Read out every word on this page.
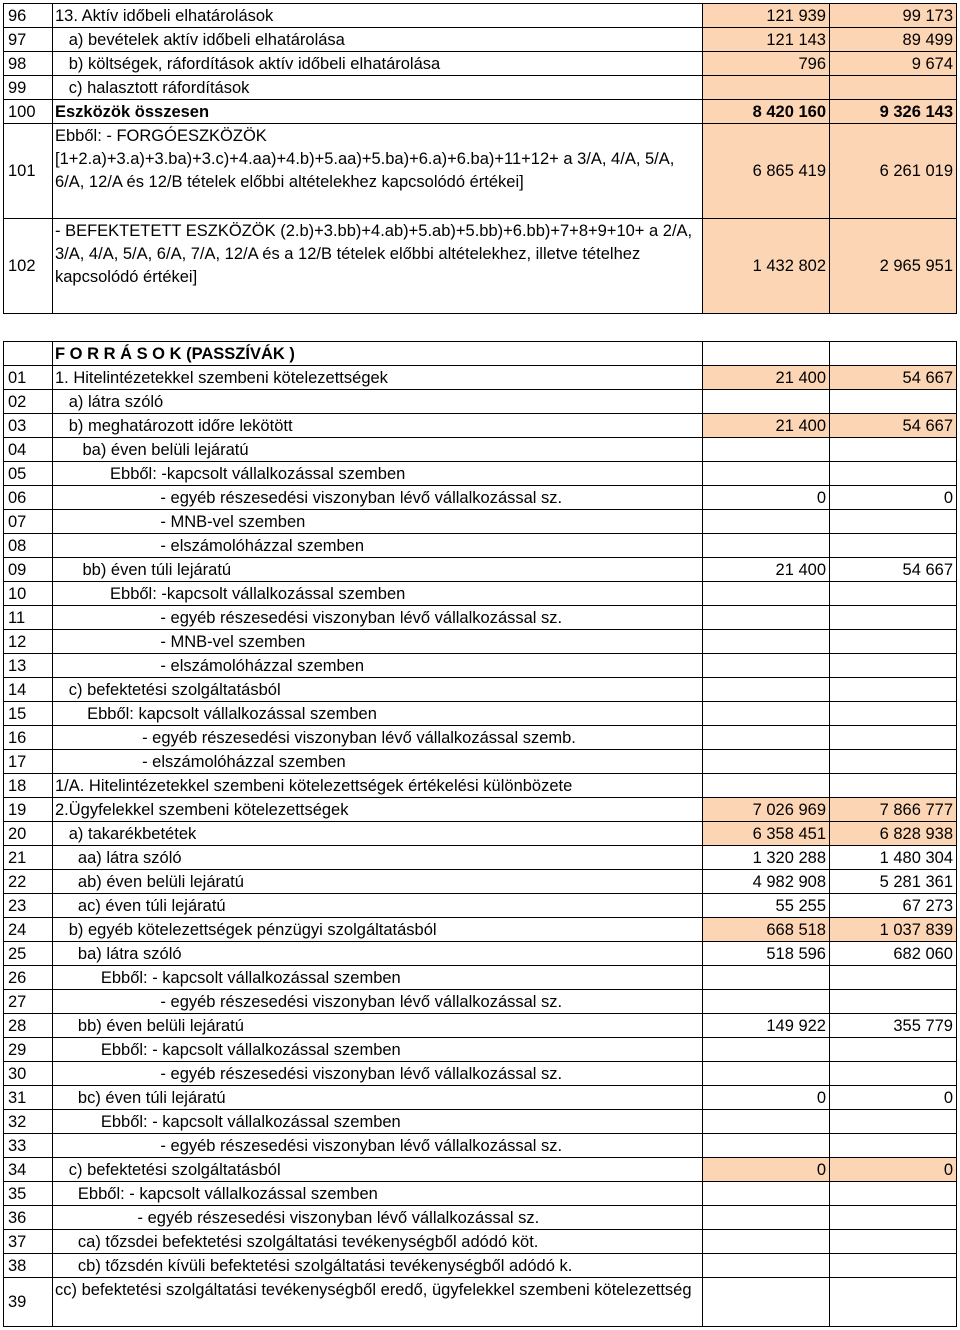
96	13. Aktív időbeli elhatárolások	121 939	99 173
97	a) bevételek aktív időbeli elhatárolása	121 143	89 499
98	b) költségek, ráfordítások aktív időbeli elhatárolása	796	9 674
99	c) halasztott ráfordítások		
100	Eszközök összesen	8 420 160	9 326 143
101	Ebből: - FORGÓESZKÖZÖK [1+2.a)+3.a)+3.ba)+3.c)+4.aa)+4.b)+5.aa)+5.ba)+6.a)+6.ba)+11+12+ a 3/A, 4/A, 5/A, 6/A, 12/A és 12/B tételek előbbi altételekhez kapcsolódó értékei]	6 865 419	6 261 019
102	- BEFEKTETETT ESZKÖZÖK (2.b)+3.bb)+4.ab)+5.ab)+5.bb)+6.bb)+7+8+9+10+ a 2/A, 3/A, 4/A, 5/A, 6/A, 7/A, 12/A és a 12/B tételek előbbi altételekhez, illetve tételhez kapcsolódó értékei]	1 432 802	2 965 951
	F O R R Á S O K (PASSZÍVÁK )		
01	1. Hitelintézetekkel szembeni kötelezettségek	21 400	54 667
02	a) látra szóló		
03	b) meghatározott időre lekötött	21 400	54 667
04	ba) éven belüli lejáratú		
05	Ebből: -kapcsolt vállalkozással szemben		
06	- egyéb részesedési viszonyban lévő vállalkozással sz.	0	0
07	- MNB-vel szemben		
08	- elszámolóházzal szemben		
09	bb) éven túli lejáratú	21 400	54 667
10	Ebből: -kapcsolt vállalkozással szemben		
11	- egyéb részesedési viszonyban lévő vállalkozással sz.		
12	- MNB-vel szemben		
13	- elszámolóházzal szemben		
14	c) befektetési szolgáltatásból		
15	Ebből: kapcsolt vállalkozással szemben		
16	- egyéb részesedési viszonyban lévő vállalkozással szemb.		
17	- elszámolóházzal szemben		
18	1/A. Hitelintézetekkel szembeni kötelezettségek értékelési különbözete		
19	2.Ügyfelekkel szembeni kötelezettségek	7 026 969	7 866 777
20	a) takarékbetétek	6 358 451	6 828 938
21	aa) látra szóló	1 320 288	1 480 304
22	ab) éven belüli lejáratú	4 982 908	5 281 361
23	ac) éven túli lejáratú	55 255	67 273
24	b) egyéb kötelezettségek pénzügyi szolgáltatásból	668 518	1 037 839
25	ba) látra szóló	518 596	682 060
26	Ebből: - kapcsolt vállalkozással szemben		
27	- egyéb részesedési viszonyban lévő vállalkozással sz.		
28	bb) éven belüli lejáratú	149 922	355 779
29	Ebből: - kapcsolt vállalkozással szemben		
30	- egyéb részesedési viszonyban lévő vállalkozással sz.		
31	bc) éven túli lejáratú	0	0
32	Ebből: - kapcsolt vállalkozással szemben		
33	- egyéb részesedési viszonyban lévő vállalkozással sz.		
34	c) befektetési szolgáltatásból	0	0
35	Ebből: - kapcsolt vállalkozással szemben		
36	- egyéb részesedési viszonyban lévő vállalkozással sz.		
37	ca) tőzsdei befektetési szolgáltatási tevékenységből adódó köt.		
38	cb) tőzsdén kívüli befektetési szolgáltatási tevékenységből adódó k.		
39	cc) befektetési szolgáltatási tevékenységből eredő, ügyfelekkel szembeni kötelezettség		
